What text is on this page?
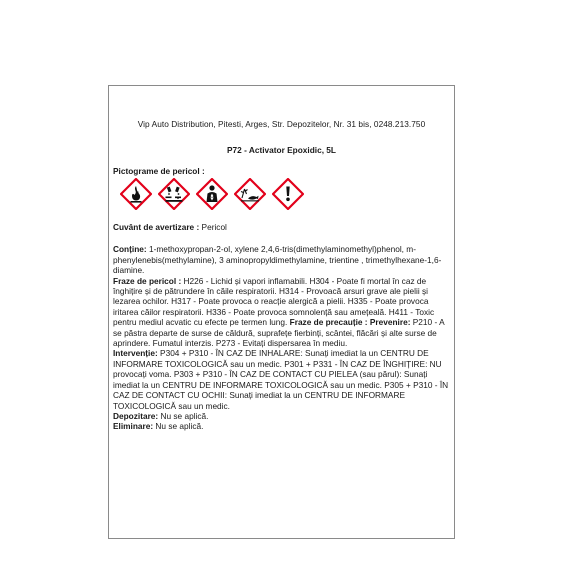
Vip Auto Distribution, Pitesti, Arges, Str. Depozitelor, Nr. 31 bis, 0248.213.750
P72 - Activator Epoxidic, 5L
Pictograme de pericol :

Cuvânt de avertizare : Pericol

Conține: 1-methoxypropan-2-ol, xylene 2,4,6-tris(dimethylaminomethyl)phenol, m-phenylenebis(methylamine), 3 aminopropyldimethylamine, trientine , trimethylhexane-1,6-diamine.

Fraze de pericol : H226 - Lichid și vapori inflamabili. H304 - Poate fi mortal în caz de înghițire și de pătrundere în căile respiratorii. H314 - Provoacă arsuri grave ale pielii și lezarea ochilor. H317 - Poate provoca o reacție alergică a pielii. H335 - Poate provoca iritarea căilor respiratorii. H336 - Poate provoca somnolență sau amețeală. H411 - Toxic pentru mediul acvatic cu efecte pe termen lung. Fraze de precauție : Prevenire: P210 - A se păstra departe de surse de căldură, suprafețe fierbinți, scântei, flăcări și alte surse de aprindere. Fumatul interzis. P273 - Evitați dispersarea în mediu.

Intervenție: P304 + P310 - ÎN CAZ DE INHALARE: Sunați imediat la un CENTRU DE INFORMARE TOXICOLOGICĂ sau un medic. P301 + P331 - ÎN CAZ DE ÎNGHIȚIRE: NU provocați voma. P303 + P310 - ÎN CAZ DE CONTACT CU PIELEA (sau părul): Sunați imediat la un CENTRU DE INFORMARE TOXICOLOGICĂ sau un medic. P305 + P310 - ÎN CAZ DE CONTACT CU OCHII: Sunați imediat la un CENTRU DE INFORMARE TOXICOLOGICĂ sau un medic.

Depozitare: Nu se aplică.

Eliminare: Nu se aplică.
